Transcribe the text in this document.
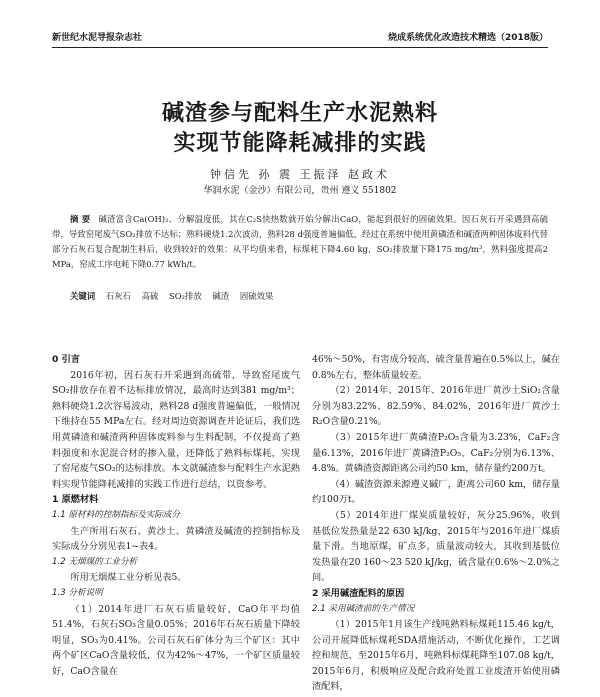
新世纪水泥导报杂志社	烧成系统优化改造技术精选（2018版）
碱渣参与配料生产水泥熟料
实现节能降耗减排的实践
钟信先 孙 震 王振泽 赵政术
华润水泥（金沙）有限公司，贵州 遵义 551802
摘 要 碱渣富含Ca(OH)₂、分解温度低，其在C₂S快热数就开始分解出CaO，能起到很好的固硫效果。因石灰石开采遇到高硫带，导致窑尾废气SO₂排放不达标；熟料硬烧1.2次波动，熟料28 d强度普遍偏低，经过在系统中使用黄磷渣和碱渣两种固体废料代替部分石灰石复合配制生料后，收到较好的效果：从平均值来看，标煤耗下降4.60 kg，SO₂排放量下降175 mg/m³，熟料强度提高2 MPa，窑成工序电耗下降0.77 kWh/t。
关键词 石灰石 高硫 SO₂排放 碱渣 固硫效果

0 引言

2016年初，因石灰石开采遇到高硫带，导致窑尾废气SO₂排放存在着不达标排放情况，最高时达到381 mg/m³；熟料硬烧1.2次容易波动，熟料28 d强度普遍偏低，一般情况下维持在55 MPa左右。经对周边资源调查并论证后，我们选用黄磷渣和碱渣两种固体废料参与生料配制，不仅提高了熟料强度和水泥混合材的掺入量，还降低了熟料标煤耗，实现了窑尾废气SO₂的达标排放。本文就碱渣参与配料生产水泥熟料实现节能降耗减排的实践工作进行总结，以资参考。

1 原燃材料

1.1 原材料的控制指标及实际成分

生产所用石灰石、黄沙土、黄磷渣及碱渣的控制指标及实际成分分别见表1~表4。

1.2 无烟煤的工业分析

所用无烟煤工业分析见表5。

1.3 分析说明

（1）2014年进厂石灰石质量较好，CaO年平均值51.4%，石灰石SO₃含量0.05%；2016年石灰石质量下降较明显，SO₃为0.41%。公司石灰石矿体分为三个矿区：其中两个矿区CaO含量较低，仅为42%～47%，一个矿区质量较好，CaO含量在

46%～50%，有害成分较高，硫含量普遍在0.5%以上，碱在0.8%左右，整体质量较差。

（2）2014年、2015年、2016年进厂黄沙土SiO₂含量分别为83.22%、82.59%、84.02%，2016年进厂黄沙土R₂O含量0.21%。

（3）2015年进厂黄磷渣P₂O₅含量为3.23%，CaF₂含量6.13%，2016年进厂黄磷渣P₂O₅、CaF₂分别为6.13%、4.8%。黄磷渣资源距离公司约50 km，储存量约200万t。

（4）碱渣资源来源遵义碱厂，距离公司60 km，储存量约100万t。

（5）2014年进厂煤炭质量较好，灰分25.96%，收到基低位发热量是22 630 kJ/kg，2015年与2016年进厂煤质量下滑。当地原煤，矿点多，质量波动较大，其收到基低位发热量在20 160～23 520 kJ/kg，硫含量在0.6%～2.0%之间。

2 采用碱渣配料的原因

2.1 采用碱渣前的生产情况

（1）2015年1月该生产线吨熟料标煤耗115.46 kg/t，公司开展降低标煤耗SDA措施活动，不断优化操作，工艺调控和规范，至2015年6月，吨熟料标煤耗降至107.08 kg/t，2015年6月，积极响应及配合政府处置工业废渣开始使用磷渣配料，
